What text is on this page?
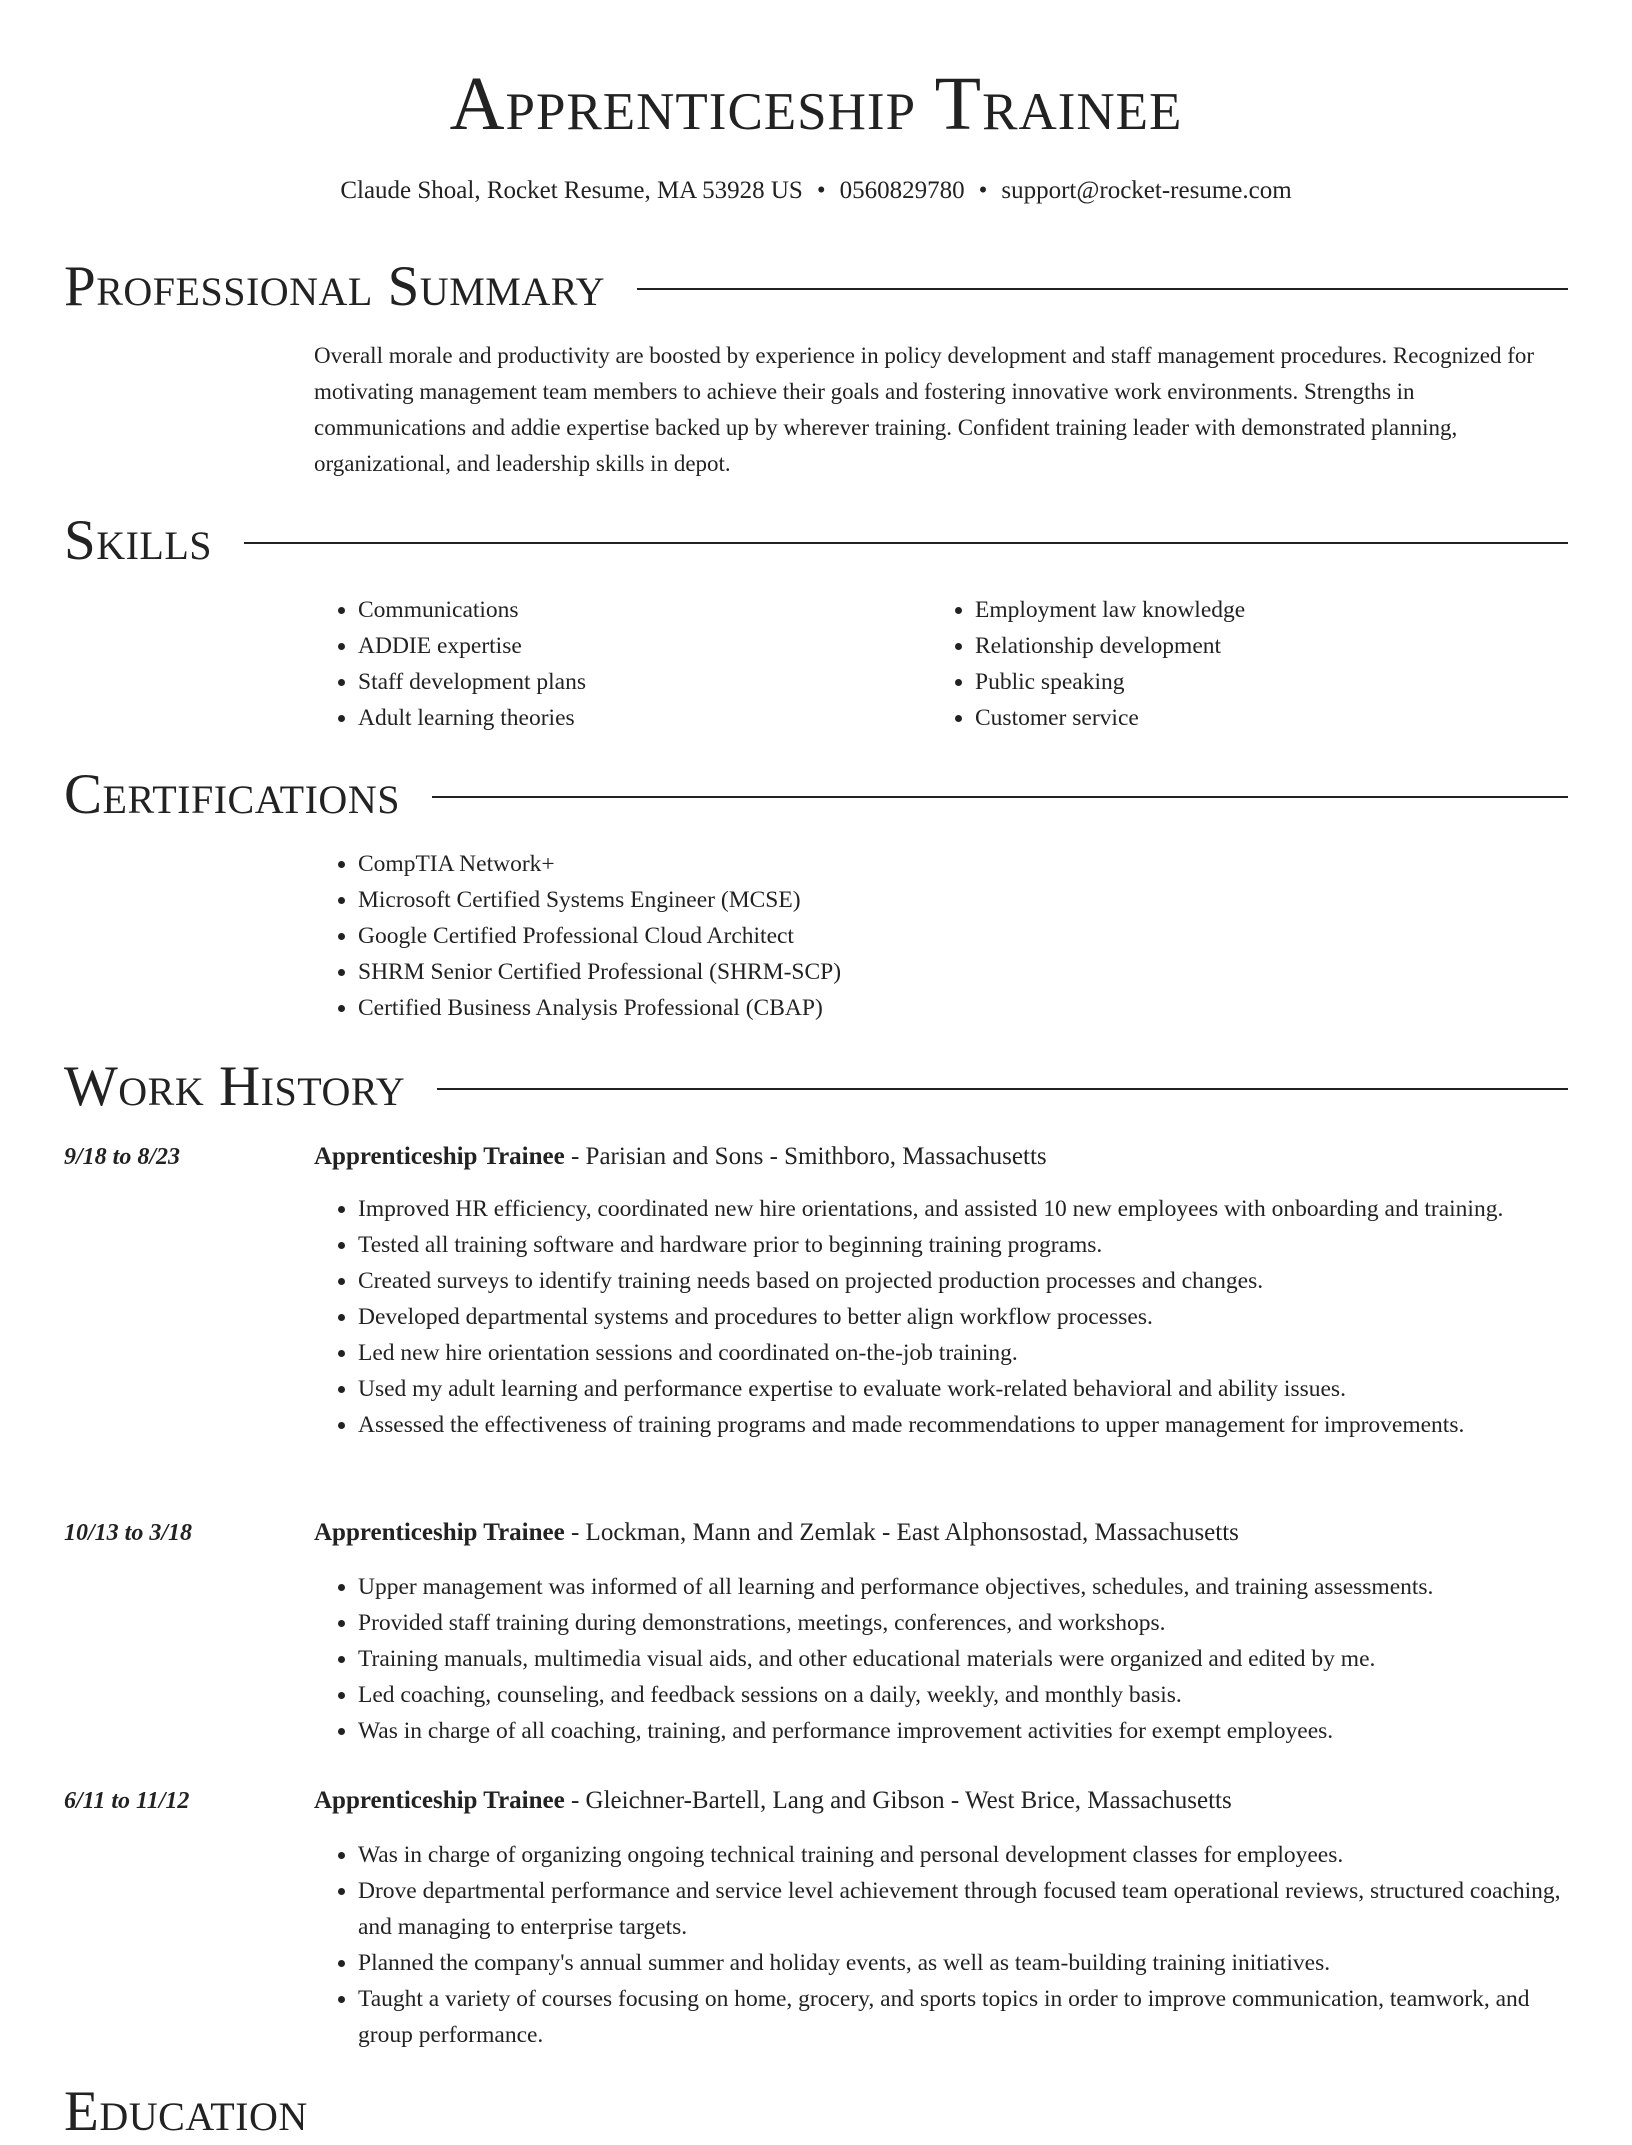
Apprenticeship Trainee
Claude Shoal, Rocket Resume, MA 53928 US • 0560829780 • support@rocket-resume.com
Professional Summary

Overall morale and productivity are boosted by experience in policy development and staff management procedures. Recognized for motivating management team members to achieve their goals and fostering innovative work environments. Strengths in communications and addie expertise backed up by wherever training. Confident training leader with demonstrated planning, organizational, and leadership skills in depot.

Skills
• Communications
• ADDIE expertise
• Staff development plans
• Adult learning theories
• Employment law knowledge
• Relationship development
• Public speaking
• Customer service
Certifications
• CompTIA Network+
• Microsoft Certified Systems Engineer (MCSE)
• Google Certified Professional Cloud Architect
• SHRM Senior Certified Professional (SHRM-SCP)
• Certified Business Analysis Professional (CBAP)
Work History
9/18 to 8/23	Apprenticeship Trainee - Parisian and Sons - Smithboro, Massachusetts
• Improved HR efficiency, coordinated new hire orientations, and assisted 10 new employees with onboarding and training.
• Tested all training software and hardware prior to beginning training programs.
• Created surveys to identify training needs based on projected production processes and changes.
• Developed departmental systems and procedures to better align workflow processes.
• Led new hire orientation sessions and coordinated on-the-job training.
• Used my adult learning and performance expertise to evaluate work-related behavioral and ability issues.
• Assessed the effectiveness of training programs and made recommendations to upper management for improvements.
10/13 to 3/18	Apprenticeship Trainee - Lockman, Mann and Zemlak - East Alphonsostad, Massachusetts
• Upper management was informed of all learning and performance objectives, schedules, and training assessments.
• Provided staff training during demonstrations, meetings, conferences, and workshops.
• Training manuals, multimedia visual aids, and other educational materials were organized and edited by me.
• Led coaching, counseling, and feedback sessions on a daily, weekly, and monthly basis.
• Was in charge of all coaching, training, and performance improvement activities for exempt employees.
6/11 to 11/12	Apprenticeship Trainee - Gleichner-Bartell, Lang and Gibson - West Brice, Massachusetts
• Was in charge of organizing ongoing technical training and personal development classes for employees.
• Drove departmental performance and service level achievement through focused team operational reviews, structured coaching, and managing to enterprise targets.
• Planned the company's annual summer and holiday events, as well as team-building training initiatives.
• Taught a variety of courses focusing on home, grocery, and sports topics in order to improve communication, teamwork, and group performance.
Education
